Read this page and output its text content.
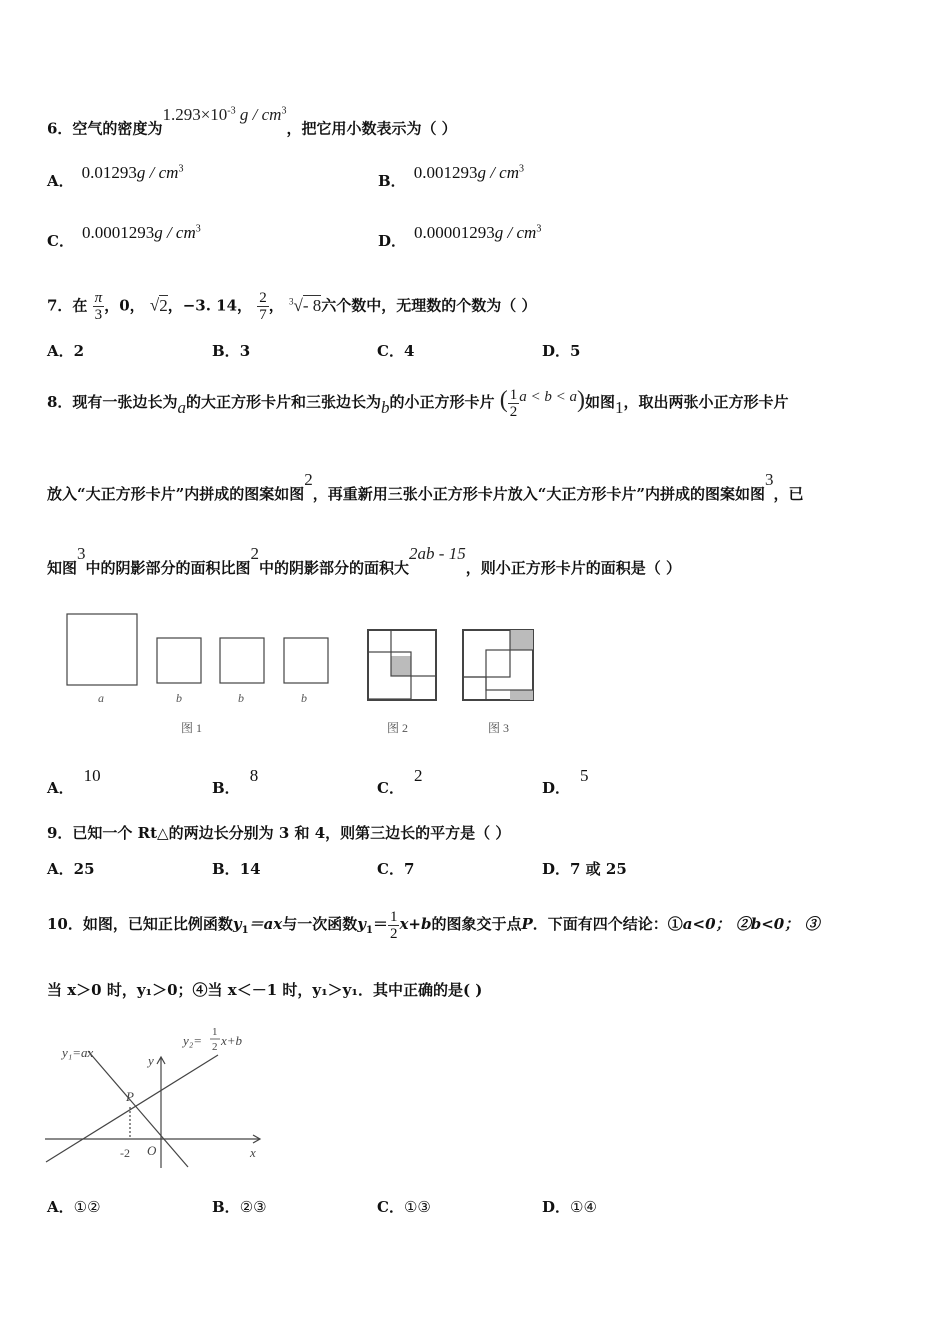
6．空气的密度为$1.293\times 10^{-3}$ g / $cm^3$，把它用小数表示为（ ）
A． $0.01293g / cm^3$
B． $0.001293g / cm^3$
C． $0.0001293g / cm^3$
D． $0.00001293g / cm^3$
7．在 $\frac{\pi}{3}$ ，0， √2，−3. 14， $\frac{2}{7}$ ， $^3$√- 8六个数中，无理数的个数为（ ）
A．2	B．3	C．4	D．5
8．现有一张边长为a的大正方形卡片和三张边长为b的小正方形卡片 ( $\frac{1}{2}$ a < b < a)如图1，取出两张小正方形卡片
放入“大正方形卡片”内拼成的图案如图2，再重新用三张小正方形卡片放入“大正方形卡片”内拼成的图案如图3，已
知图3中的阴影部分的面积比图2中的阴影部分的面积大2ab - 15，则小正方形卡片的面积是（ ）
a	b	b	b
图 1	图 2	图 3
A．10
B．8
C．2
D．5
9．已知一个 Rt△的两边长分别为 3 和 4，则第三边长的平方是（ ）
A．25	B．14	C．7	D．7 或 25
10．如图，已知正比例函数$y_1=ax$与一次函数$y_1= \frac{1}{2} x+b$的图象交于点P．下面有四个结论：①a<0； ②b<0； ③
当 x＞0 时，y₁＞0；④当 x＜－1 时，y₁＞y₁．其中正确的是( )
y₁=ax
y₂=
1
2 x+b
y
x
P
O
-2
A．①②	B．②③	C．①③	D．①④
